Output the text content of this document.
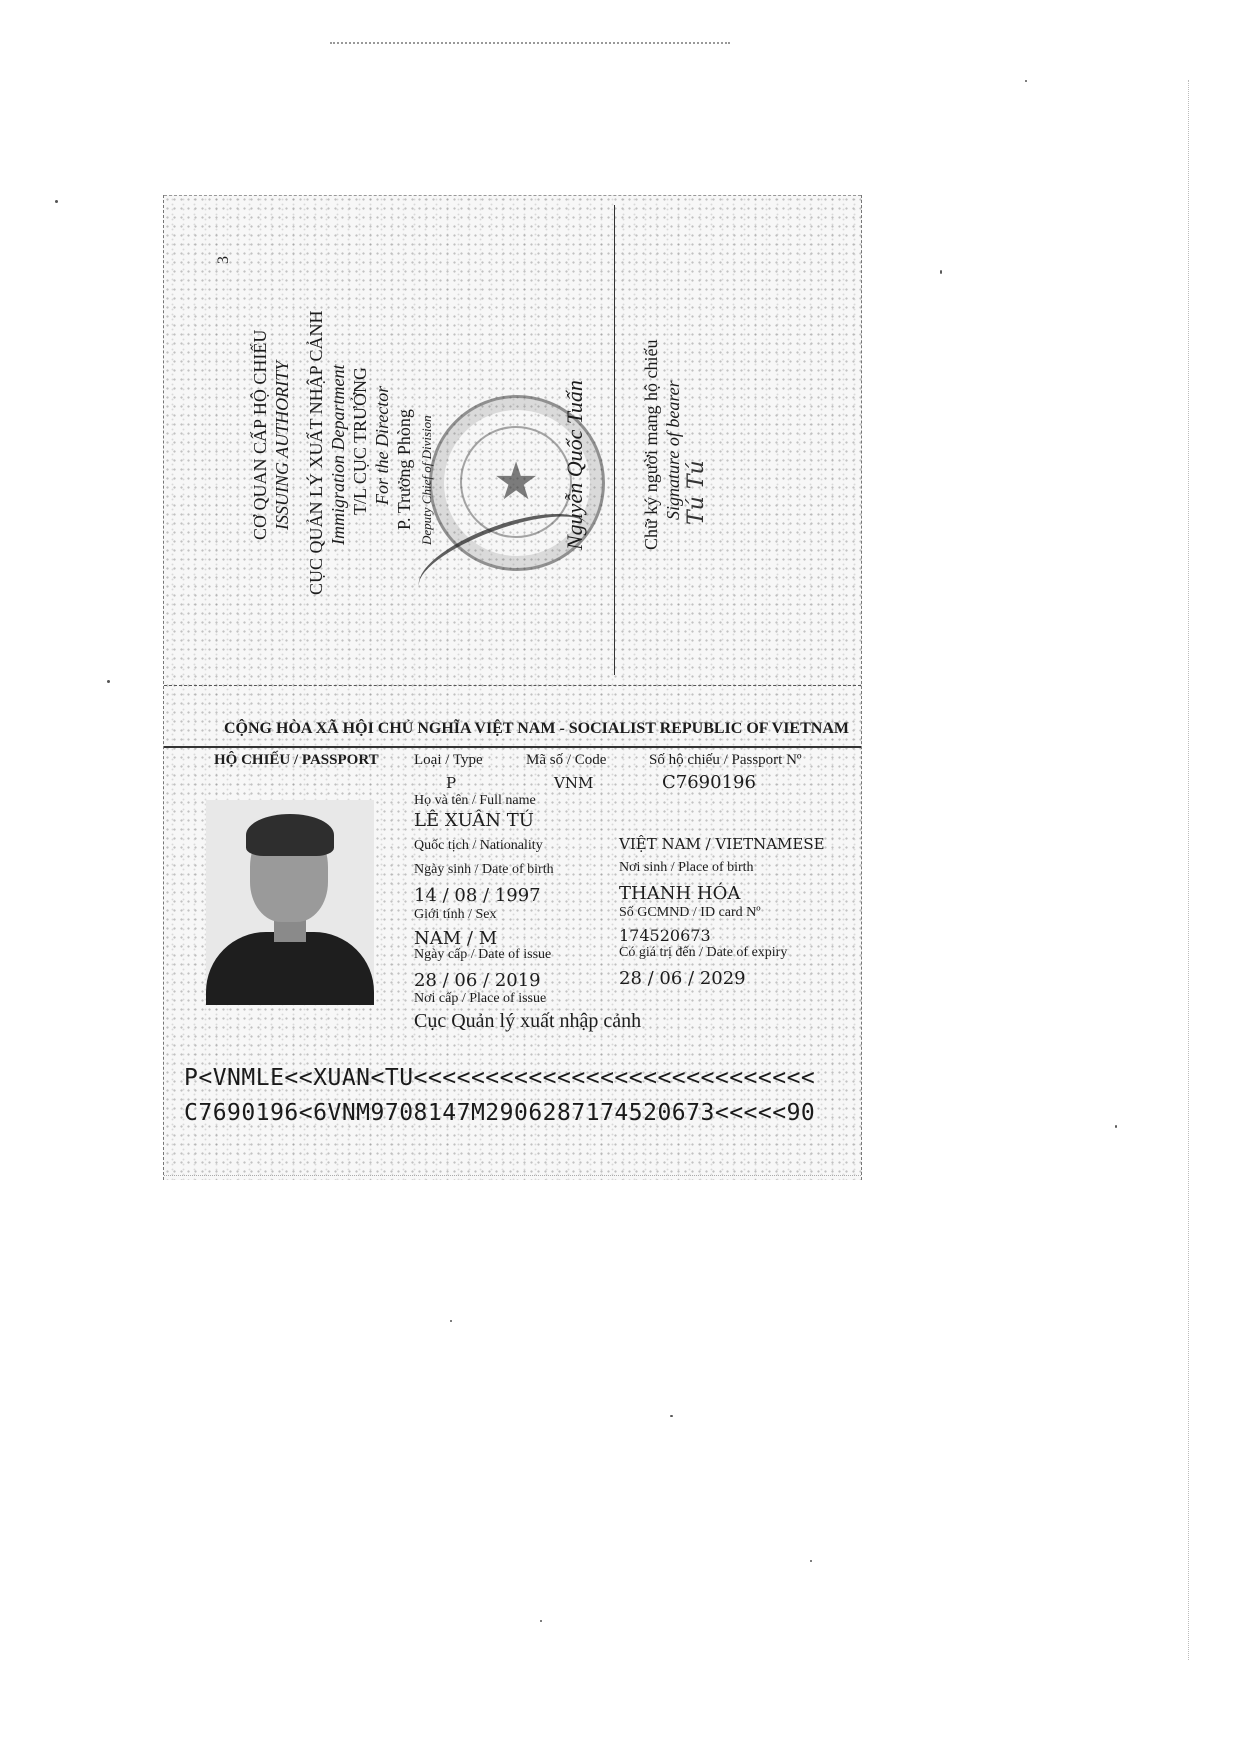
3
CƠ QUAN CẤP HỘ CHIẾU ISSUING AUTHORITY CỤC QUẢN LÝ XUẤT NHẬP CẢNH Immigration Department T/L CỤC TRƯỞNG For the Director P. Trưởng Phòng Deputy Chief of Division	★	Nguyễn Quốc Tuấn	Chữ ký người mang hộ chiếu Signature of bearer Tú Tú
CỘNG HÒA XÃ HỘI CHỦ NGHĨA VIỆT NAM - SOCIALIST REPUBLIC OF VIETNAM
HỘ CHIẾU / PASSPORT Loại / Type	Mã số / Code	Số hộ chiếu / Passport Nº
P	VNM	C7690196
Họ và tên / Full name
LÊ XUÂN TÚ
Quốc tịch / Nationality	VIỆT NAM / VIETNAMESE
Ngày sinh / Date of birth	Nơi sinh / Place of birth
14 / 08 / 1997	THANH HÓA
Giới tính / Sex	Số GCMND / ID card Nº
NAM / M	174520673
Ngày cấp / Date of issue	Có giá trị đến / Date of expiry
28 / 06 / 2019	28 / 06 / 2029
Nơi cấp / Place of issue
Cục Quản lý xuất nhập cảnh
P<VNMLE<<XUAN<TU<<<<<<<<<<<<<<<<<<<<<<<<<<<<
C7690196<6VNM9708147M2906287174520673<<<<<90
